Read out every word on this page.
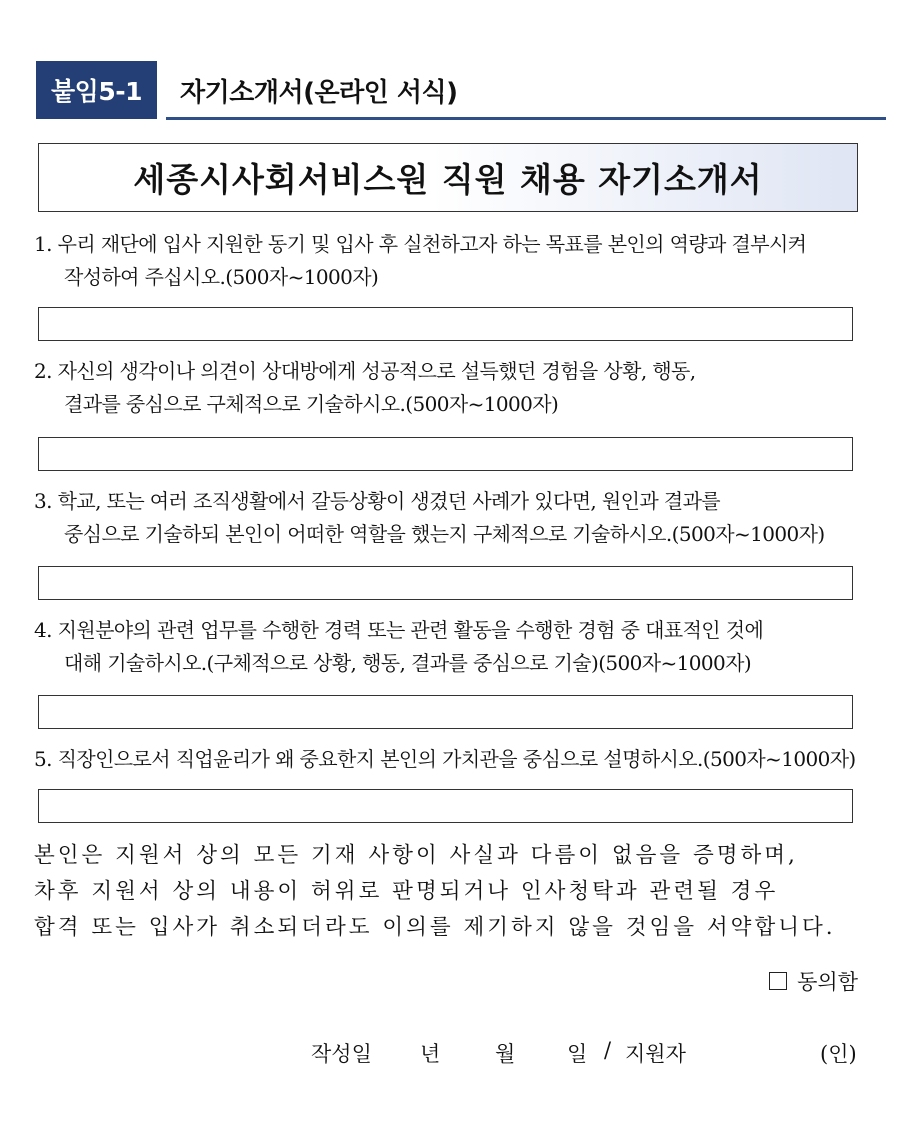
붙임5-1	자기소개서(온라인 서식)
세종시사회서비스원 직원 채용 자기소개서
1. 우리 재단에 입사 지원한 동기 및 입사 후 실천하고자 하는 목표를 본인의 역량과 결부시켜
작성하여 주십시오.(500자~1000자)
2. 자신의 생각이나 의견이 상대방에게 성공적으로 설득했던 경험을 상황, 행동,
결과를 중심으로 구체적으로 기술하시오.(500자~1000자)
3. 학교, 또는 여러 조직생활에서 갈등상황이 생겼던 사례가 있다면, 원인과 결과를
중심으로 기술하되 본인이 어떠한 역할을 했는지 구체적으로 기술하시오.(500자~1000자)
4. 지원분야의 관련 업무를 수행한 경력 또는 관련 활동을 수행한 경험 중 대표적인 것에
대해 기술하시오.(구체적으로 상황, 행동, 결과를 중심으로 기술)(500자~1000자)
5. 직장인으로서 직업윤리가 왜 중요한지 본인의 가치관을 중심으로 설명하시오.(500자~1000자)
본인은 지원서 상의 모든 기재 사항이 사실과 다름이 없음을 증명하며,
차후 지원서 상의 내용이 허위로 판명되거나 인사청탁과 관련될 경우
합격 또는 입사가 취소되더라도 이의를 제기하지 않을 것임을 서약합니다.
동의함
작성일 년	월 일 / 지원자	(인)
